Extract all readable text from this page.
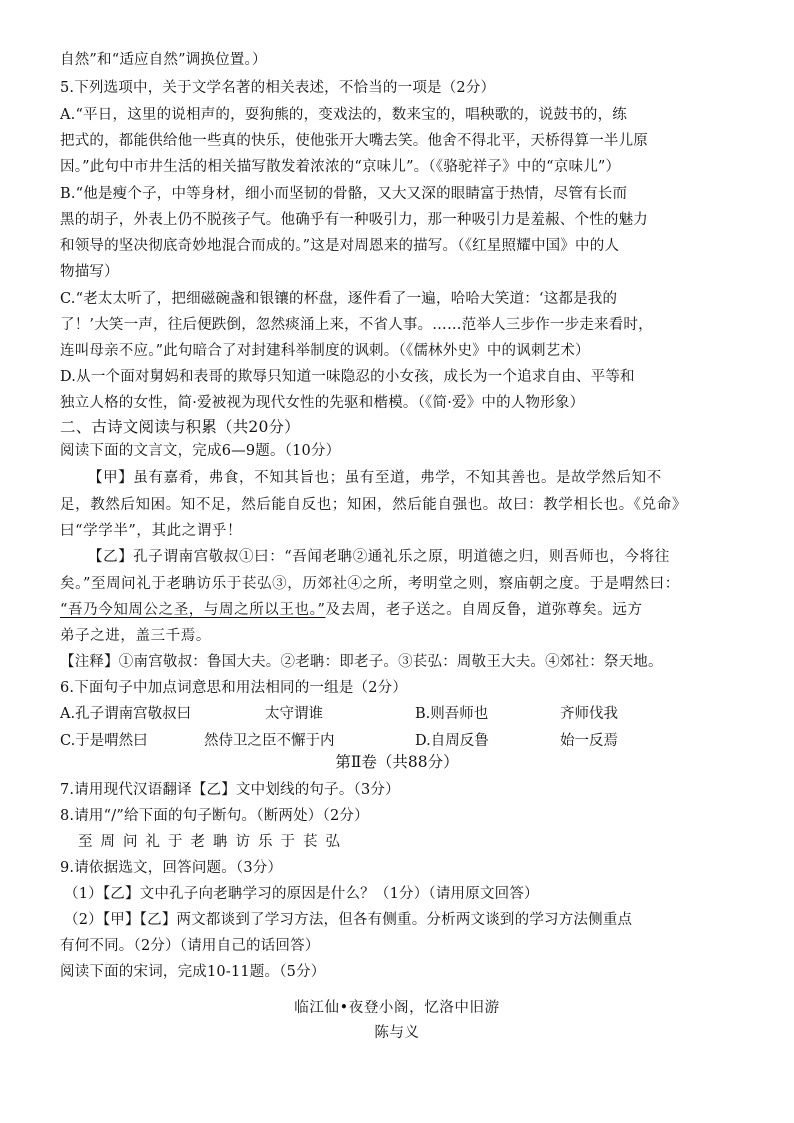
自然”和“适应自然”调换位置。）
5.下列选项中，关于文学名著的相关表述，不恰当的一项是（2分）
A.“平日，这里的说相声的，耍狗熊的，变戏法的，数来宝的，唱秧歌的，说鼓书的，练
把式的，都能供给他一些真的快乐，使他张开大嘴去笑。他舍不得北平，天桥得算一半儿原
因。”此句中市井生活的相关描写散发着浓浓的“京味儿”。（《骆驼祥子》中的“京味儿”）
B.“他是瘦个子，中等身材，细小而坚韧的骨骼，又大又深的眼睛富于热情，尽管有长而
黑的胡子，外表上仍不脱孩子气。他确乎有一种吸引力，那一种吸引力是羞赧、个性的魅力
和领导的坚决彻底奇妙地混合而成的。”这是对周恩来的描写。（《红星照耀中国》中的人
物描写）
C.“老太太听了，把细磁碗盏和银镶的杯盘，逐件看了一遍，哈哈大笑道：‘这都是我的
了！’大笑一声，往后便跌倒，忽然痰涌上来，不省人事。……范举人三步作一步走来看时，
连叫母亲不应。”此句暗合了对封建科举制度的讽刺。（《儒林外史》中的讽刺艺术）
D.从一个面对舅妈和表哥的欺辱只知道一味隐忍的小女孩，成长为一个追求自由、平等和
独立人格的女性，简·爱被视为现代女性的先驱和楷模。（《简·爱》中的人物形象）
二、古诗文阅读与积累（共20分）
阅读下面的文言文，完成6—9题。（10分）
【甲】虽有嘉肴，弗食，不知其旨也；虽有至道，弗学，不知其善也。是故学然后知不
足，教然后知困。知不足，然后能自反也；知困，然后能自强也。故曰：教学相长也。《兑命》
曰“学学半”，其此之谓乎！
【乙】孔子谓南宫敬叔①曰：“吾闻老聃②通礼乐之原，明道德之归，则吾师也，今将往
矣。”至周问礼于老聃访乐于苌弘③，历郊社④之所，考明堂之则，察庙朝之度。于是喟然曰：
“吾乃今知周公之圣，与周之所以王也。”及去周，老子送之。自周反鲁，道弥尊矣。远方
弟子之进，盖三千焉。
【注释】①南宫敬叔：鲁国大夫。②老聃：即老子。③苌弘：周敬王大夫。④郊社：祭天地。
6.下面句子中加点词意思和用法相同的一组是（2分）
A.孔子谓南宫敬叔曰	太守谓谁	B.则吾师也	齐师伐我
C.于是喟然曰	然侍卫之臣不懈于内	D.自周反鲁	始一反焉
第Ⅱ卷（共88分）
7.请用现代汉语翻译【乙】文中划线的句子。（3分）
8.请用“/”给下面的句子断句。（断两处）（2分）
至周问礼于老聃访乐于苌弘
9.请依据选文，回答问题。（3分）
（1）【乙】文中孔子向老聃学习的原因是什么？（1分）（请用原文回答）
（2）【甲】【乙】两文都谈到了学习方法，但各有侧重。分析两文谈到的学习方法侧重点
有何不同。（2分）（请用自己的话回答）
阅读下面的宋词，完成10-11题。（5分）
临江仙•夜登小阁，忆洛中旧游
陈与义
